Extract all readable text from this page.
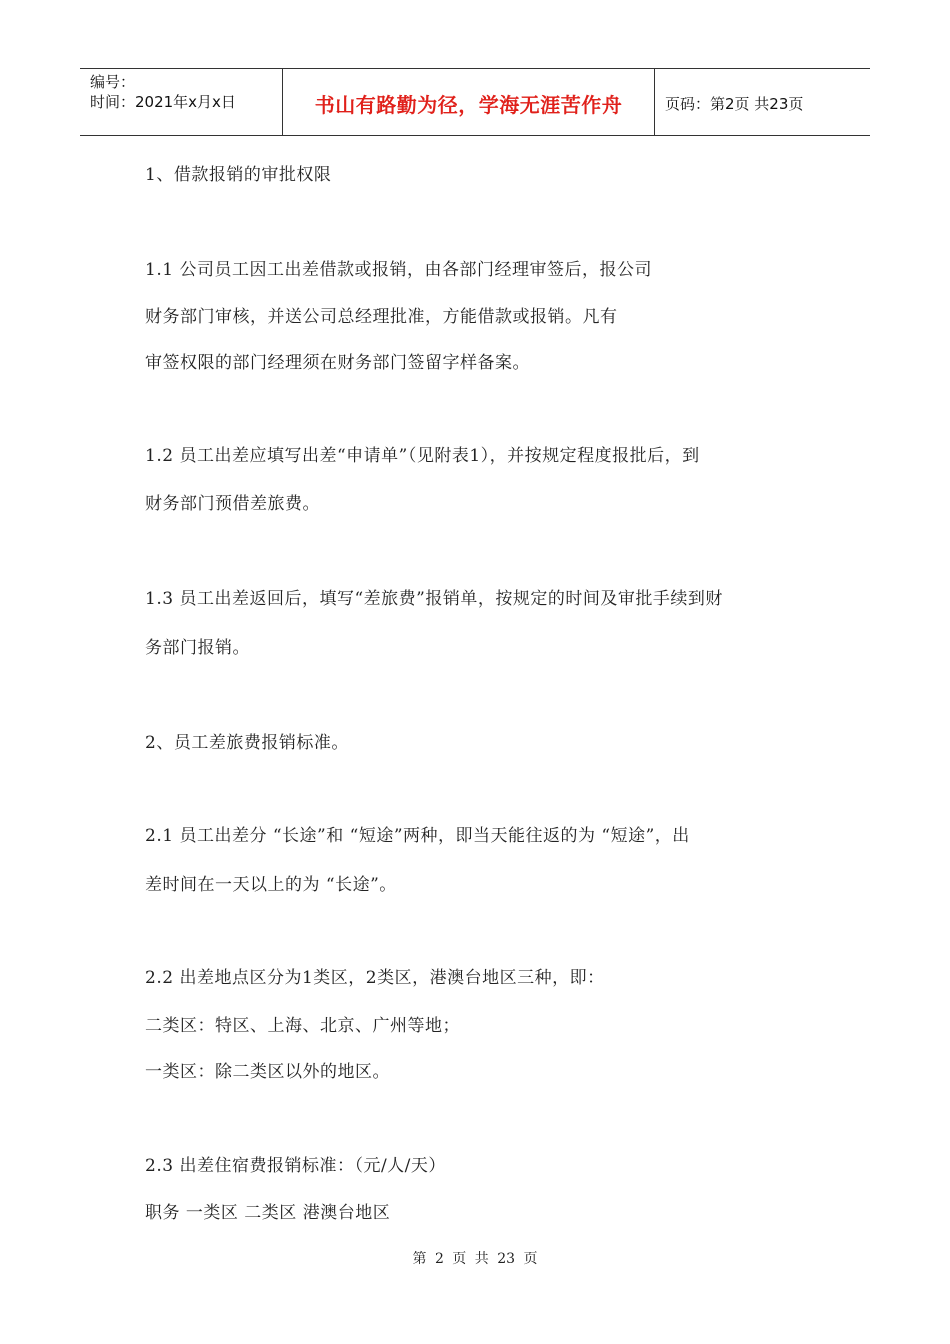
编号：
时间：2021年x月x日	书山有路勤为径，学海无涯苦作舟	页码：第2页 共23页
1、借款报销的审批权限
1.1 公司员工因工出差借款或报销，由各部门经理审签后，报公司
财务部门审核，并送公司总经理批准，方能借款或报销。凡有
审签权限的部门经理须在财务部门签留字样备案。
1.2 员工出差应填写出差“申请单”（见附表1），并按规定程度报批后，到
财务部门预借差旅费。
1.3 员工出差返回后，填写“差旅费”报销单，按规定的时间及审批手续到财
务部门报销。
2、员工差旅费报销标准。
2.1 员工出差分 “长途”和 “短途”两种，即当天能往返的为 “短途”，出
差时间在一天以上的为 “长途”。
2.2 出差地点区分为1类区，2类区，港澳台地区三种，即：
二类区：特区、上海、北京、广州等地；
一类区：除二类区以外的地区。
2.3 出差住宿费报销标准：（元/人/天）
职务 一类区 二类区 港澳台地区
第 2 页 共 23 页
